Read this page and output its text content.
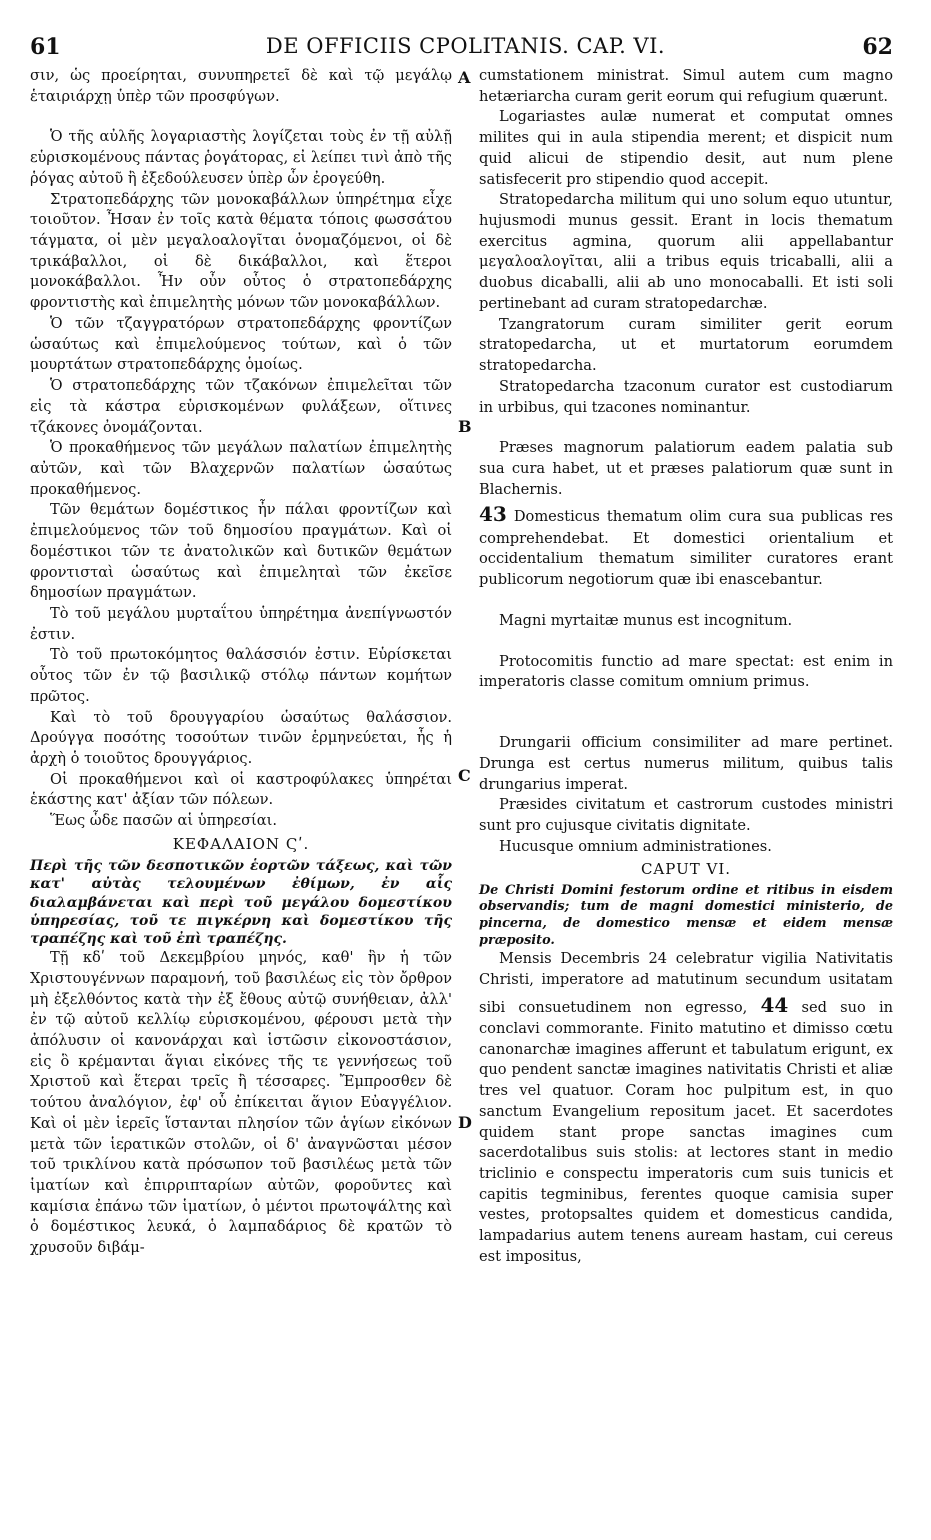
61	DE OFFICIIS CPOLITANIS. CAP. VI.	62
A
B
C
D

σιν, ὡς προείρηται, συνυπηρετεῖ δὲ καὶ τῷ μεγάλῳ ἑταιριάρχῃ ὑπὲρ τῶν προσφύγων.

Ὁ τῆς αὐλῆς λογαριαστὴς λογίζεται τοὺς ἐν τῇ αὐλῇ εὑρισκομένους πάντας ῥογάτορας, εἰ λείπει τινὶ ἀπὸ τῆς ῥόγας αὐτοῦ ἢ ἐξεδούλευσεν ὑπὲρ ὧν ἐρογεύθη.

Στρατοπεδάρχης τῶν μονοκαβάλλων ὑπηρέτημα εἶχε τοιοῦτον. Ἦσαν ἐν τοῖς κατὰ θέματα τόποις φωσσάτου τάγματα, οἱ μὲν μεγαλοαλογῖται ὀνομαζόμενοι, οἱ δὲ τρικάβαλλοι, οἱ δὲ δικάβαλλοι, καὶ ἕτεροι μονοκάβαλλοι. Ἦν οὖν οὗτος ὁ στρατοπεδάρχης φροντιστὴς καὶ ἐπιμελητὴς μόνων τῶν μονοκαβάλλων.

Ὁ τῶν τζαγγρατόρων στρατοπεδάρχης φροντίζων ὡσαύτως καὶ ἐπιμελούμενος τούτων, καὶ ὁ τῶν μουρτάτων στρατοπεδάρχης ὁμοίως.

Ὁ στρατοπεδάρχης τῶν τζακόνων ἐπιμελεῖται τῶν εἰς τὰ κάστρα εὑρισκομένων φυλάξεων, οἵτινες τζάκονες ὀνομάζονται.

Ὁ προκαθήμενος τῶν μεγάλων παλατίων ἐπιμελητὴς αὐτῶν, καὶ τῶν Βλαχερνῶν παλατίων ὡσαύτως προκαθήμενος.

Τῶν θεμάτων δομέστικος ἦν πάλαι φροντίζων καὶ ἐπιμελούμενος τῶν τοῦ δημοσίου πραγμάτων. Καὶ οἱ δομέστικοι τῶν τε ἀνατολικῶν καὶ δυτικῶν θεμάτων φροντισταὶ ὡσαύτως καὶ ἐπιμεληταὶ τῶν ἐκεῖσε δημοσίων πραγμάτων.

Τὸ τοῦ μεγάλου μυρταΐτου ὑπηρέτημα ἀνεπίγνωστόν ἐστιν.

Τὸ τοῦ πρωτοκόμητος θαλάσσιόν ἐστιν. Εὑρίσκεται οὗτος τῶν ἐν τῷ βασιλικῷ στόλῳ πάντων κομήτων πρῶτος.

Καὶ τὸ τοῦ δρουγγαρίου ὡσαύτως θαλάσσιον. Δρούγγα ποσότης τοσούτων τινῶν ἑρμηνεύεται, ἧς ἡ ἀρχὴ ὁ τοιοῦτος δρουγγάριος.

Οἱ προκαθήμενοι καὶ οἱ καστροφύλακες ὑπηρέται ἑκάστης κατ' ἀξίαν τῶν πόλεων.

Ἕως ὧδε πασῶν αἱ ὑπηρεσίαι.

ΚΕΦΑΛΑΙΟΝ Ϛʹ.

Περὶ τῆς τῶν δεσποτικῶν ἑορτῶν τάξεως, καὶ τῶν κατ' αὐτὰς τελουμένων ἐθίμων, ἐν αἷς διαλαμβάνεται καὶ περὶ τοῦ μεγάλου δομεστίκου ὑπηρεσίας, τοῦ τε πιγκέρνη καὶ δομεστίκου τῆς τραπέζης καὶ τοῦ ἐπὶ τραπέζης.

Τῇ κδʹ τοῦ Δεκεμβρίου μηνός, καθ' ἣν ἡ τῶν Χριστουγέννων παραμονή, τοῦ βασιλέως εἰς τὸν ὄρθρον μὴ ἐξελθόντος κατὰ τὴν ἐξ ἔθους αὐτῷ συνήθειαν, ἀλλ' ἐν τῷ αὐτοῦ κελλίῳ εὑρισκομένου, φέρουσι μετὰ τὴν ἀπόλυσιν οἱ κανονάρχαι καὶ ἱστῶσιν εἰκονοστάσιον, εἰς ὃ κρέμανται ἅγιαι εἰκόνες τῆς τε γεννήσεως τοῦ Χριστοῦ καὶ ἕτεραι τρεῖς ἢ τέσσαρες. Ἔμπροσθεν δὲ τούτου ἀναλόγιον, ἐφ' οὗ ἐπίκειται ἅγιον Εὐαγγέλιον. Καὶ οἱ μὲν ἱερεῖς ἵστανται πλησίον τῶν ἁγίων εἰκόνων μετὰ τῶν ἱερατικῶν στολῶν, οἱ δ' ἀναγνῶσται μέσον τοῦ τρικλίνου κατὰ πρόσωπον τοῦ βασιλέως μετὰ τῶν ἱματίων καὶ ἐπιρριπταρίων αὐτῶν, φοροῦντες καὶ καμίσια ἐπάνω τῶν ἱματίων, ὁ μέντοι πρωτοψάλτης καὶ ὁ δομέστικος λευκά, ὁ λαμπαδάριος δὲ κρατῶν τὸ χρυσοῦν διβάμ-

cumstationem ministrat. Simul autem cum magno hetæriarcha curam gerit eorum qui refugium quærunt.

Logariastes aulæ numerat et computat omnes milites qui in aula stipendia merent; et dispicit num quid alicui de stipendio desit, aut num plene satisfecerit pro stipendio quod accepit.

Stratopedarcha militum qui uno solum equo utuntur, hujusmodi munus gessit. Erant in locis thematum exercitus agmina, quorum alii appellabantur μεγαλοαλογῖται, alii a tribus equis tricaballi, alii a duobus dicaballi, alii ab uno monocaballi. Et isti soli pertinebant ad curam stratopedarchæ.

Tzangratorum curam similiter gerit eorum stratopedarcha, ut et murtatorum eorumdem stratopedarcha.

Stratopedarcha tzaconum curator est custodiarum in urbibus, qui tzacones nominantur.

Præses magnorum palatiorum eadem palatia sub sua cura habet, ut et præses palatiorum quæ sunt in Blachernis.

43 Domesticus thematum olim cura sua publicas res comprehendebat. Et domestici orientalium et occidentalium thematum similiter curatores erant publicorum negotiorum quæ ibi enascebantur.

Magni myrtaitæ munus est incognitum.

Protocomitis functio ad mare spectat: est enim in imperatoris classe comitum omnium primus.

Drungarii officium consimiliter ad mare pertinet. Drunga est certus numerus militum, quibus talis drungarius imperat.

Præsides civitatum et castrorum custodes ministri sunt pro cujusque civitatis dignitate.

Hucusque omnium administrationes.

CAPUT VI.

De Christi Domini festorum ordine et ritibus in eisdem observandis; tum de magni domestici ministerio, de pincerna, de domestico mensæ et eidem mensæ præposito.

Mensis Decembris 24 celebratur vigilia Nativitatis Christi, imperatore ad matutinum secundum usitatam sibi consuetudinem non egresso, 44 sed suo in conclavi commorante. Finito matutino et dimisso cœtu canonarchæ imagines afferunt et tabulatum erigunt, ex quo pendent sanctæ imagines nativitatis Christi et aliæ tres vel quatuor. Coram hoc pulpitum est, in quo sanctum Evangelium repositum jacet. Et sacerdotes quidem stant prope sanctas imagines cum sacerdotalibus suis stolis: at lectores stant in medio triclinio e conspectu imperatoris cum suis tunicis et capitis tegminibus, ferentes quoque camisia super vestes, protopsaltes quidem et domesticus candida, lampadarius autem tenens auream hastam, cui cereus est impositus,
